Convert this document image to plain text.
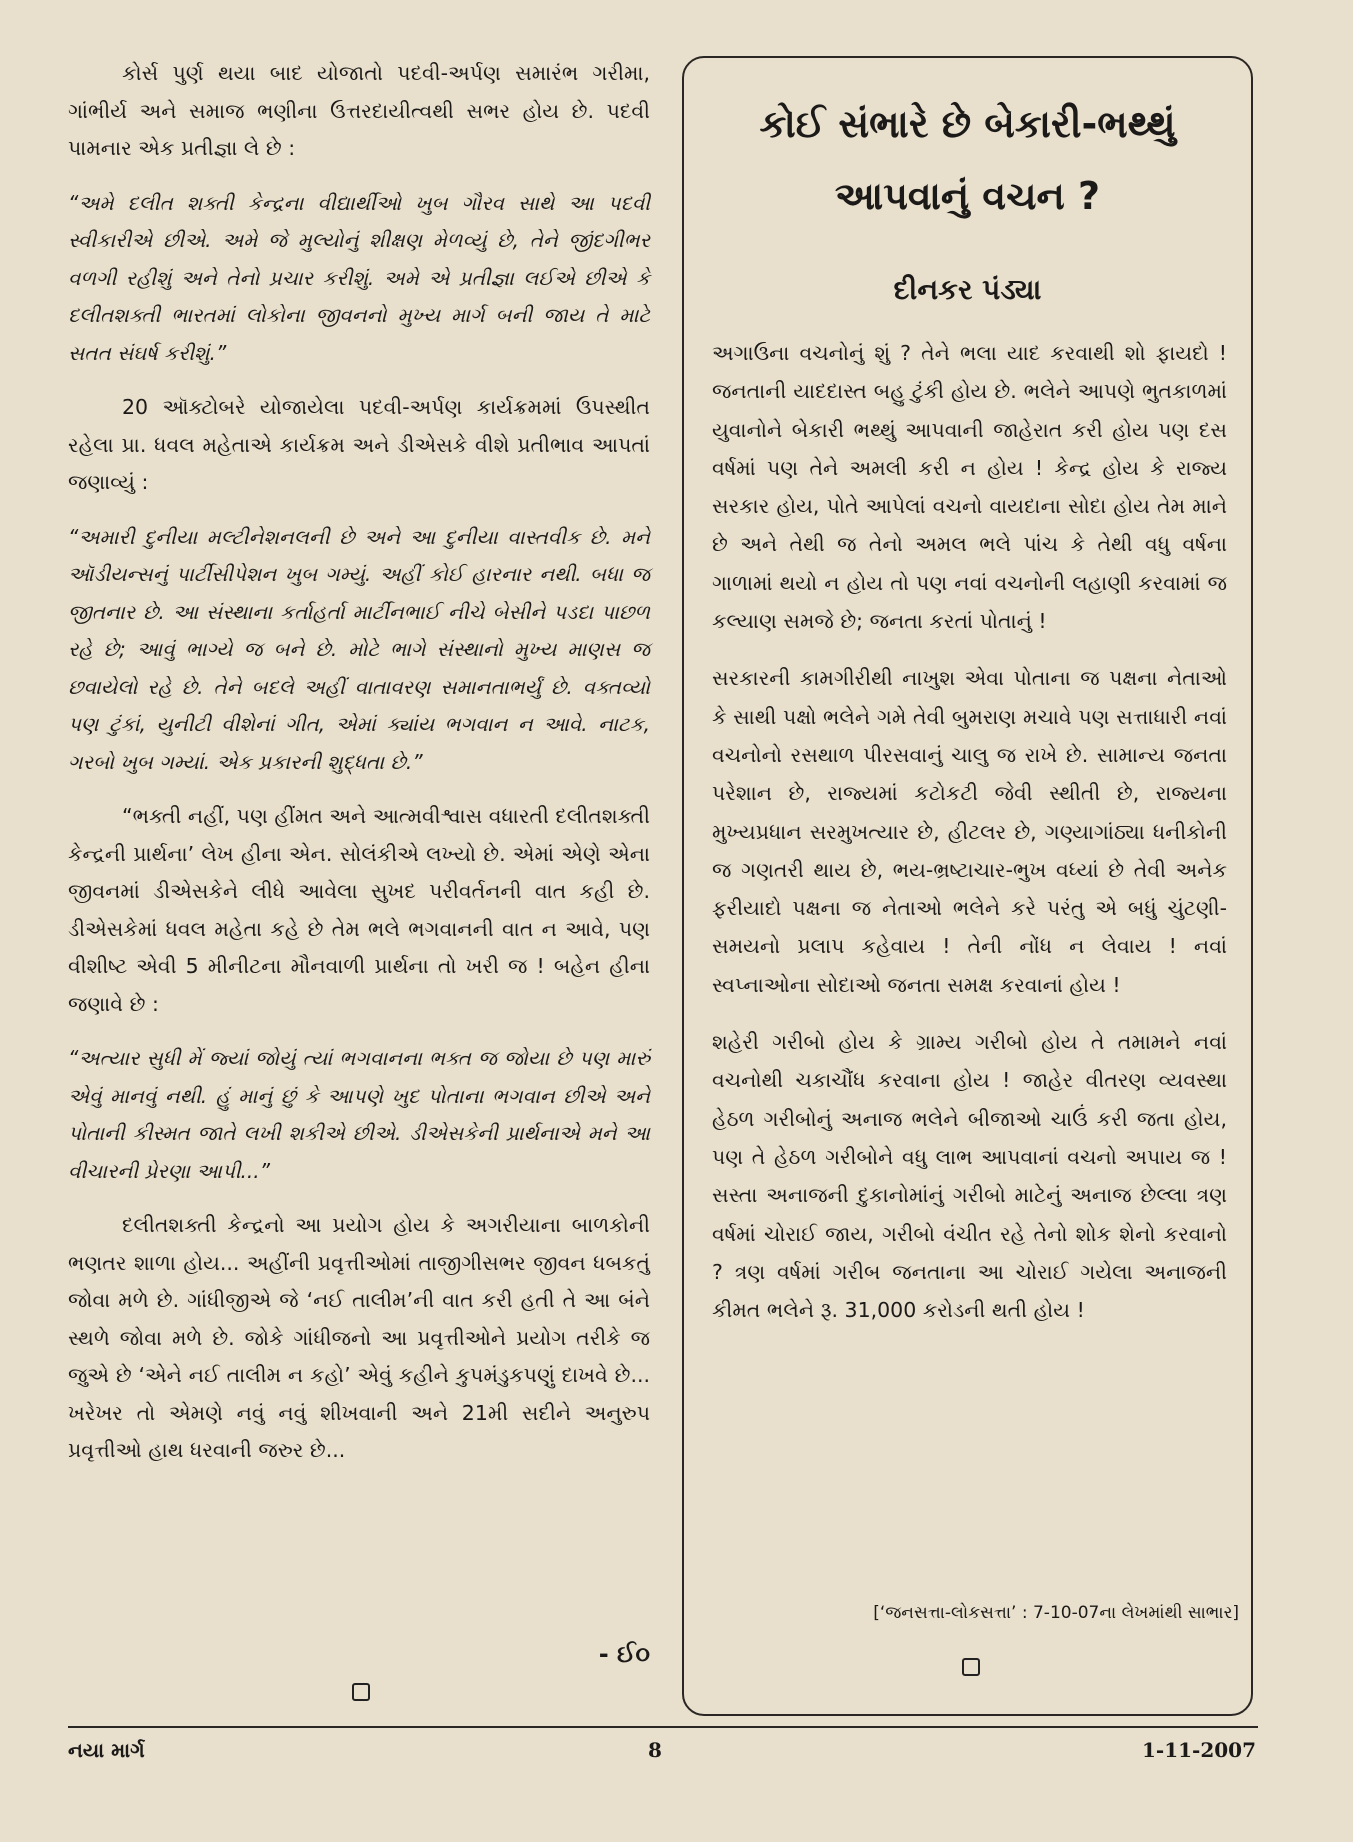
કોર્સ પુર્ણ થયા બાદ યોજાતો પદવી-અર્પણ સમારંભ ગરીમા, ગાંભીર્ય અને સમાજ ભણીના ઉત્તરદાયીત્વથી સભર હોય છે. પદવી પામનાર એક પ્રતીજ્ઞા લે છે :

“અમે દલીત શક્તી કેન્દ્રના વીદ્યાર્થીઓ ખુબ ગૌરવ સાથે આ પદવી સ્વીકારીએ છીએ. અમે જે મુલ્યોનું શીક્ષણ મેળવ્યું છે, તેને જીંદગીભર વળગી રહીશું અને તેનો પ્રચાર કરીશું. અમે એ પ્રતીજ્ઞા લઈએ છીએ કે દલીતશક્તી ભારતમાં લોકોના જીવનનો મુખ્ય માર્ગ બની જાય તે માટે સતત સંઘર્ષ કરીશું.”

20 ઑક્ટોબરે યોજાયેલા પદવી-અર્પણ કાર્યક્રમમાં ઉપસ્થીત રહેલા પ્રા. ધવલ મહેતાએ કાર્યક્રમ અને ડીએસકે વીશે પ્રતીભાવ આપતાં જણાવ્યું :

“અમારી દુનીયા મલ્ટીનેશનલની છે અને આ દુનીયા વાસ્તવીક છે. મને ઑડીયન્સનું પાર્ટીસીપેશન ખુબ ગમ્યું. અહીં કોઈ હારનાર નથી. બધા જ જીતનાર છે. આ સંસ્થાના કર્તાહર્તા માર્ટીનભાઈ નીચે બેસીને પડદા પાછળ રહે છે; આવું ભાગ્યે જ બને છે. મોટે ભાગે સંસ્થાનો મુખ્ય માણસ જ છવાયેલો રહે છે. તેને બદલે અહીં વાતાવરણ સમાનતાભર્યું છે. વક્તવ્યો પણ ટુંકાં, યુનીટી વીશેનાં ગીત, એમાં ક્યાંય ભગવાન ન આવે. નાટક, ગરબો ખુબ ગમ્યાં. એક પ્રકારની શુદ્ધતા છે.”

“ભક્તી નહીં, પણ હીંમત અને આત્મવીશ્વાસ વધારતી દલીતશક્તી કેન્દ્રની પ્રાર્થના’ લેખ હીના એન. સોલંકીએ લખ્યો છે. એમાં એણે એના જીવનમાં ડીએસકેને લીધે આવેલા સુખદ પરીવર્તનની વાત કહી છે. ડીએસકેમાં ધવલ મહેતા કહે છે તેમ ભલે ભગવાનની વાત ન આવે, પણ વીશીષ્ટ એવી 5 મીનીટના મૌનવાળી પ્રાર્થના તો ખરી જ ! બહેન હીના જણાવે છે :

“અત્યાર સુધી મેં જ્યાં જોયું ત્યાં ભગવાનના ભક્ત જ જોયા છે પણ મારું એવું માનવું નથી. હું માનું છું કે આપણે ખુદ પોતાના ભગવાન છીએ અને પોતાની કીસ્મત જાતે લખી શકીએ છીએ. ડીએસકેની પ્રાર્થનાએ મને આ વીચારની પ્રેરણા આપી...”

દલીતશક્તી કેન્દ્રનો આ પ્રયોગ હોય કે અગરીયાના બાળકોની ભણતર શાળા હોય... અહીંની પ્રવૃત્તીઓમાં તાજીગીસભર જીવન ધબકતું જોવા મળે છે. ગાંધીજીએ જે ‘નઈ તાલીમ’ની વાત કરી હતી તે આ બંને સ્થળે જોવા મળે છે. જોકે ગાંધીજનો આ પ્રવૃત્તીઓને પ્રયોગ તરીકે જ જુએ છે ‘એને નઈ તાલીમ ન કહો’ એવું કહીને કુપમંડુકપણું દાખવે છે... ખરેખર તો એમણે નવું નવું શીખવાની અને 21મી સદીને અનુરુપ પ્રવૃત્તીઓ હાથ ધરવાની જરુર છે...

- ઈ૦
કોઈ સંભારે છે બેકારી-ભથ્થું
આપવાનું વચન ?
દીનકર પંડ્યા

અગાઉના વચનોનું શું ? તેને ભલા યાદ કરવાથી શો ફાયદો ! જનતાની યાદદાસ્ત બહુ ટુંકી હોય છે. ભલેને આપણે ભુતકાળમાં યુવાનોને બેકારી ભથ્થું આપવાની જાહેરાત કરી હોય પણ દસ વર્ષમાં પણ તેને અમલી કરી ન હોય ! કેન્દ્ર હોય કે રાજ્ય સરકાર હોય, પોતે આપેલાં વચનો વાયદાના સોદા હોય તેમ માને છે અને તેથી જ તેનો અમલ ભલે પાંચ કે તેથી વધુ વર્ષના ગાળામાં થયો ન હોય તો પણ નવાં વચનોની લહાણી કરવામાં જ કલ્યાણ સમજે છે; જનતા કરતાં પોતાનું !

સરકારની કામગીરીથી નાખુશ એવા પોતાના જ પક્ષના નેતાઓ કે સાથી પક્ષો ભલેને ગમે તેવી બુમરાણ મચાવે પણ સત્તાધારી નવાં વચનોનો રસથાળ પીરસવાનું ચાલુ જ રાખે છે. સામાન્ય જનતા પરેશાન છે, રાજ્યમાં કટોકટી જેવી સ્થીતી છે, રાજ્યના મુખ્યપ્રધાન સરમુખત્યાર છે, હીટલર છે, ગણ્યાગાંઠ્યા ધનીકોની જ ગણતરી થાય છે, ભય-ભ્રષ્ટાચાર-ભુખ વધ્યાં છે તેવી અનેક ફરીયાદો પક્ષના જ નેતાઓ ભલેને કરે પરંતુ એ બધું ચુંટણી-સમયનો પ્રલાપ કહેવાય ! તેની નોંધ ન લેવાય ! નવાં સ્વપ્નાઓના સોદાઓ જનતા સમક્ષ કરવાનાં હોય !

શહેરી ગરીબો હોય કે ગ્રામ્ય ગરીબો હોય તે તમામને નવાં વચનોથી ચકાચૌંધ કરવાના હોય ! જાહેર વીતરણ વ્યવસ્થા હેઠળ ગરીબોનું અનાજ ભલેને બીજાઓ ચાઉં કરી જતા હોય, પણ તે હેઠળ ગરીબોને વધુ લાભ આપવાનાં વચનો અપાય જ ! સસ્તા અનાજની દુકાનોમાંનું ગરીબો માટેનું અનાજ છેલ્લા ત્રણ વર્ષમાં ચોરાઈ જાય, ગરીબો વંચીત રહે તેનો શોક શેનો કરવાનો ? ત્રણ વર્ષમાં ગરીબ જનતાના આ ચોરાઈ ગયેલા અનાજની કીમત ભલેને રૂ. 31,000 કરોડની થતી હોય !

[‘જનસત્તા-લોકસત્તા’ : 7-10-07ના લેખમાંથી સાભાર]
નયા માર્ગ	8	1-11-2007
